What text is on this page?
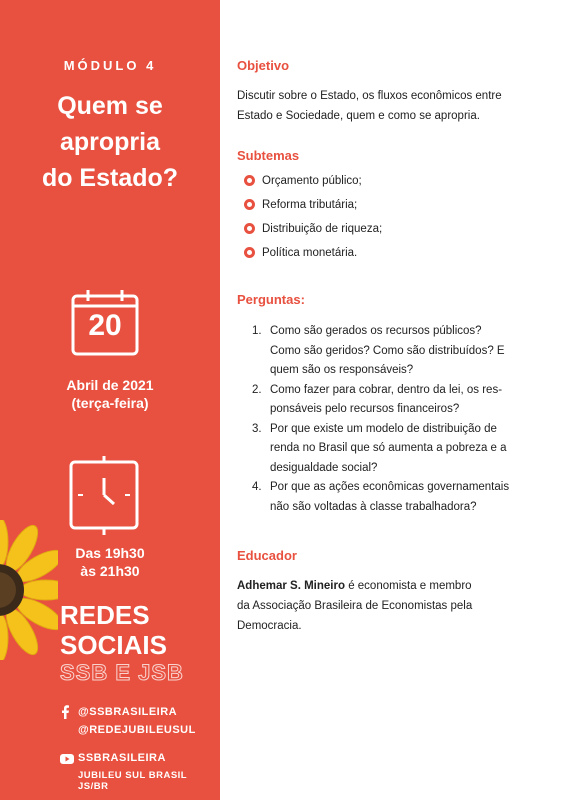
MÓDULO 4
Quem se
apropria
do Estado?
20
Abril de 2021
(terça-feira)
Das 19h30
às 21h30
REDES
SOCIAIS
SSB E JSB
@SSBRASILEIRA
@REDEJUBILEUSUL
SSBRASILEIRA
JUBILEU SUL BRASIL JS/BR
Objetivo
Discutir sobre o Estado, os fluxos econômicos entre
Estado e Sociedade, quem e como se apropria.
Subtemas
Orçamento público;
Reforma tributária;
Distribuição de riqueza;
Política monetária.
Perguntas:
1. Como são gerados os recursos públicos?
Como são geridos? Como são distribuídos? E
quem são os responsáveis?
2. Como fazer para cobrar, dentro da lei, os res-
ponsáveis pelo recursos financeiros?
3. Por que existe um modelo de distribuição de
renda no Brasil que só aumenta a pobreza e a
desigualdade social?
4. Por que as ações econômicas governamentais
não são voltadas à classe trabalhadora?
Educador
Adhemar S. Mineiro é economista e membro
da Associação Brasileira de Economistas pela
Democracia.
